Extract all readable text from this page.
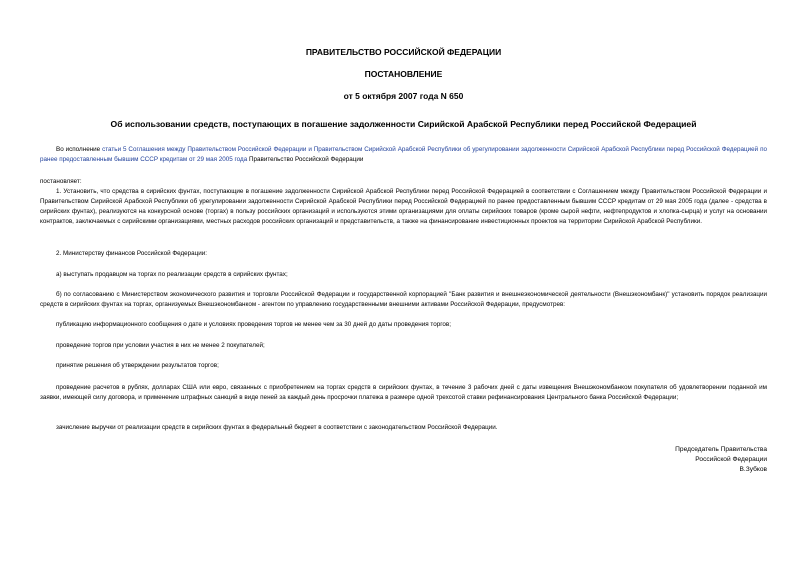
ПРАВИТЕЛЬСТВО РОССИЙСКОЙ ФЕДЕРАЦИИ

ПОСТАНОВЛЕНИЕ

от 5 октября 2007 года N 650

Об использовании средств, поступающих в погашение задолженности Сирийской Арабской Республики перед Российской Федерацией

Во исполнение статьи 5 Соглашения между Правительством Российской Федерации и Правительством Сирийской Арабской Республики об урегулировании задолженности Сирийской Арабской Республики перед Российской Федерацией по ранее предоставленным бывшим СССР кредитам от 29 мая 2005 года Правительство Российской Федерации

постановляет:

1. Установить, что средства в сирийских фунтах, поступающие в погашение задолженности Сирийской Арабской Республики перед Российской Федерацией в соответствии с Соглашением между Правительством Российской Федерации и Правительством Сирийской Арабской Республики об урегулировании задолженности Сирийской Арабской Республики перед Российской Федерацией по ранее предоставленным бывшим СССР кредитам от 29 мая 2005 года (далее - средства в сирийских фунтах), реализуются на конкурсной основе (торгах) в пользу российских организаций и используются этими организациями для оплаты сирийских товаров (кроме сырой нефти, нефтепродуктов и хлопка-сырца) и услуг на основании контрактов, заключаемых с сирийскими организациями, местных расходов российских организаций и представительств, а также на финансирование инвестиционных проектов на территории Сирийской Арабской Республики.

2. Министерству финансов Российской Федерации:

а) выступать продавцом на торгах по реализации средств в сирийских фунтах;

б) по согласованию с Министерством экономического развития и торговли Российской Федерации и государственной корпорацией "Банк развития и внешнеэкономической деятельности (Внешэкономбанк)" установить порядок реализации средств в сирийских фунтах на торгах, организуемых Внешэкономбанком - агентом по управлению государственными внешними активами Российской Федерации, предусмотрев:

публикацию информационного сообщения о дате и условиях проведения торгов не менее чем за 30 дней до даты проведения торгов;

проведение торгов при условии участия в них не менее 2 покупателей;

принятие решения об утверждении результатов торгов;

проведение расчетов в рублях, долларах США или евро, связанных с приобретением на торгах средств в сирийских фунтах, в течение 3 рабочих дней с даты извещения Внешэкономбанком покупателя об удовлетворении поданной им заявки, имеющей силу договора, и применение штрафных санкций в виде пеней за каждый день просрочки платежа в размере одной трехсотой ставки рефинансирования Центрального банка Российской Федерации;

зачисление выручки от реализации средств в сирийских фунтах в федеральный бюджет в соответствии с законодательством Российской Федерации.

Председатель Правительства
Российской Федерации
В.Зубков
